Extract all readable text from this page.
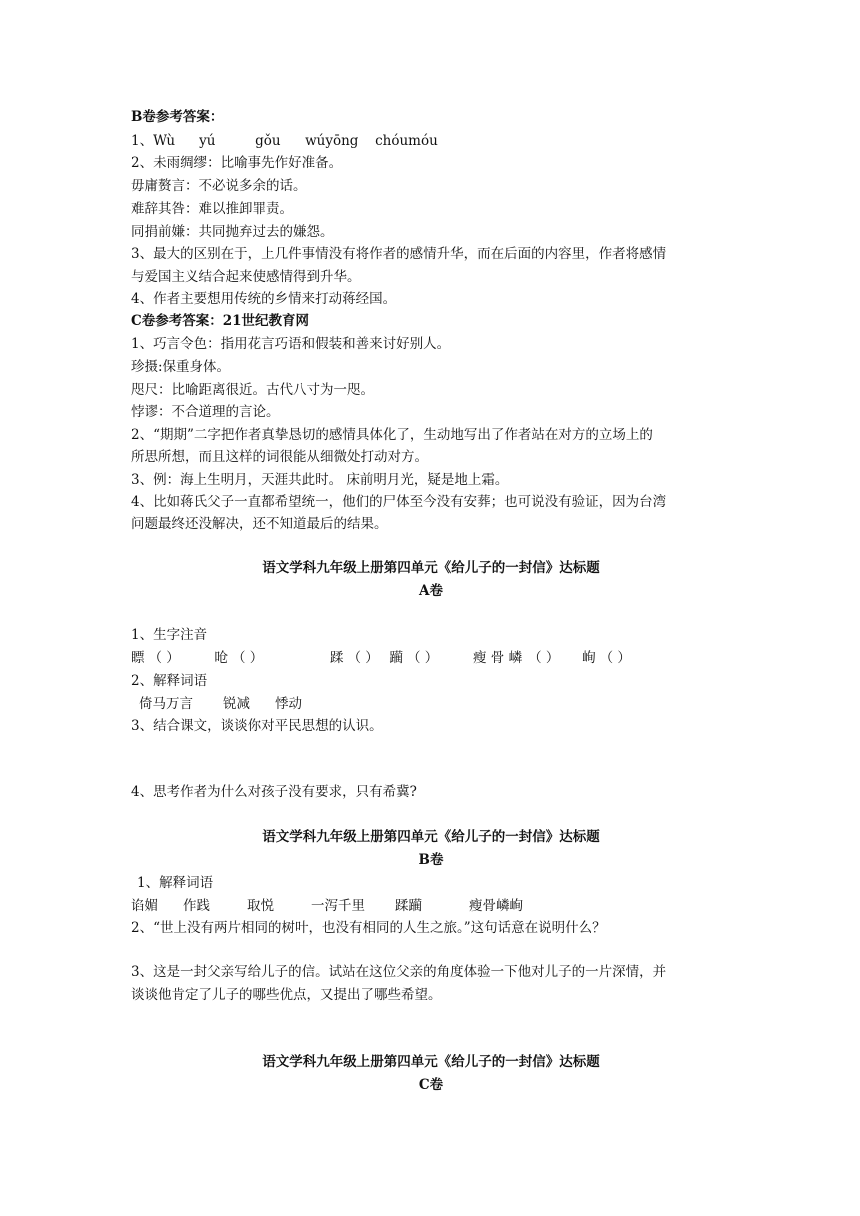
B卷参考答案：
1、Wù yú	gǒu wúyōng chóumóu
2、未雨绸缪：比喻事先作好准备。
毋庸赘言：不必说多余的话。
难辞其咎：难以推卸罪责。
同捐前嫌：共同抛弃过去的嫌怨。
3、最大的区别在于，上几件事情没有将作者的感情升华，而在后面的内容里，作者将感情
与爱国主义结合起来使感情得到升华。
4、作者主要想用传统的乡情来打动蒋经国。
C卷参考答案：21世纪教育网
1、巧言令色：指用花言巧语和假装和善来讨好别人。
珍摄:保重身体。
咫尺：比喻距离很近。古代八寸为一咫。
悖谬：不合道理的言论。
2、“期期”二字把作者真挚恳切的感情具体化了，生动地写出了作者站在对方的立场上的
所思所想，而且这样的词很能从细微处打动对方。
3、例：海上生明月，天涯共此时。 床前明月光，疑是地上霜。
4、比如蒋氏父子一直都希望统一，他们的尸体至今没有安葬；也可说没有验证，因为台湾
问题最终还没解决，还不知道最后的结果。
语文学科九年级上册第四单元《给儿子的一封信》达标题
A卷
1、生字注音
瞟 （ ）	呛 （ ）	蹂 （ ） 躏 （ ）	瘦 骨 嶙 （ ） 峋 （ ）
2、解释词语
倚马万言 锐减 悸动
3、结合课文，谈谈你对平民思想的认识。
4、思考作者为什么对孩子没有要求，只有希冀?
语文学科九年级上册第四单元《给儿子的一封信》达标题
B卷
1、解释词语
谄媚 作践	取悦	一泻千里 蹂躏	瘦骨嶙峋
2、“世上没有两片相同的树叶，也没有相同的人生之旅。”这句话意在说明什么？
3、这是一封父亲写给儿子的信。试站在这位父亲的角度体验一下他对儿子的一片深情，并
谈谈他肯定了儿子的哪些优点，又提出了哪些希望。
语文学科九年级上册第四单元《给儿子的一封信》达标题
C卷
